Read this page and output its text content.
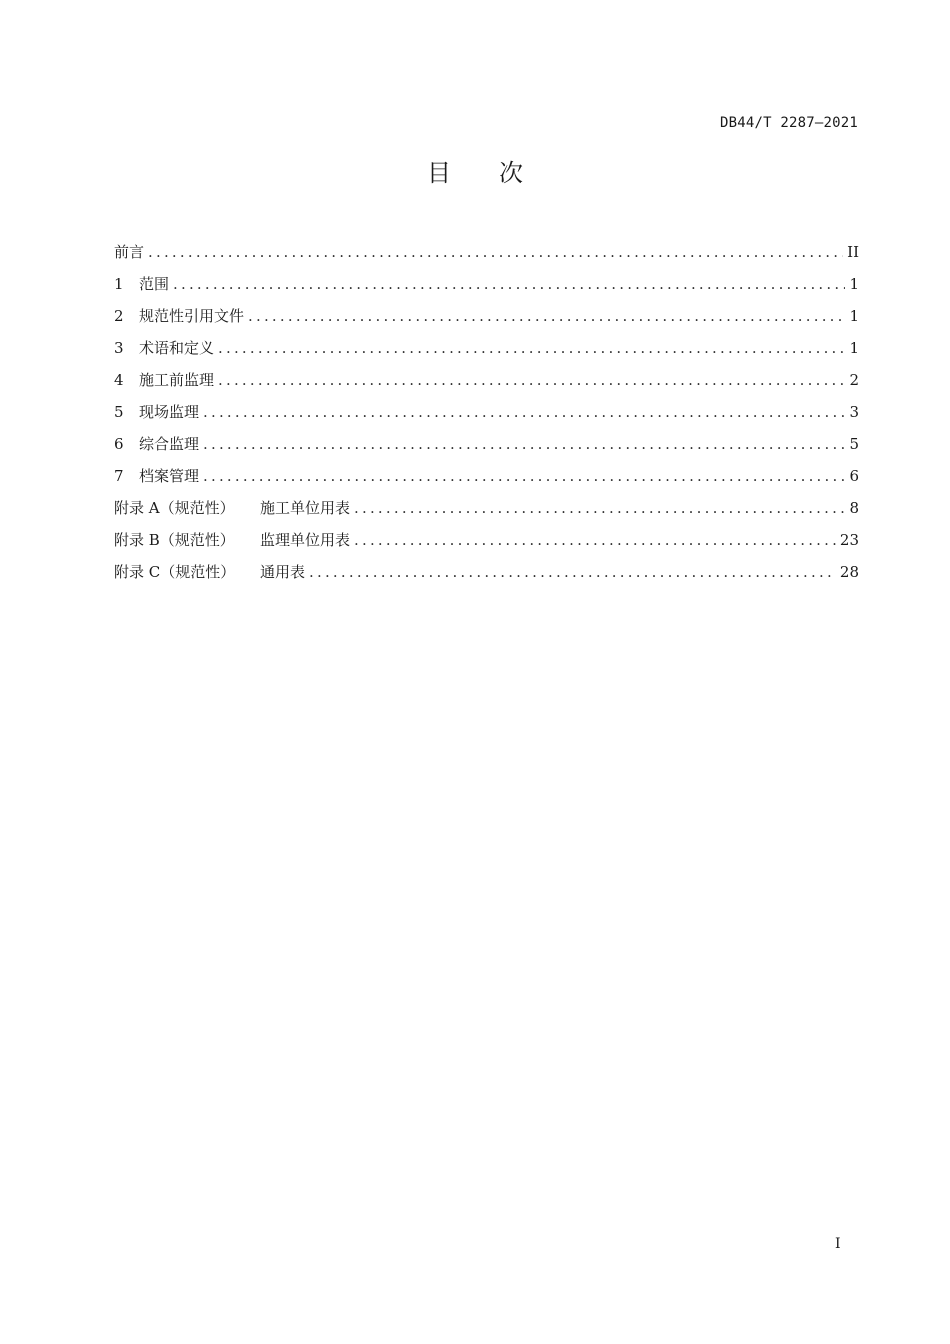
DB44/T 2287—2021
目次
前言 .....	II
1	范围 .....	1
2	规范性引用文件 .....	1
3	术语和定义 .....	1
4	施工前监理 .....	2
5	现场监理 .....	3
6	综合监理 .....	5
7	档案管理 .....	6
附录 A（规范性）	施工单位用表 .....	8
附录 B（规范性）	监理单位用表 .....	23
附录 C（规范性）	通用表 .....	28
I
